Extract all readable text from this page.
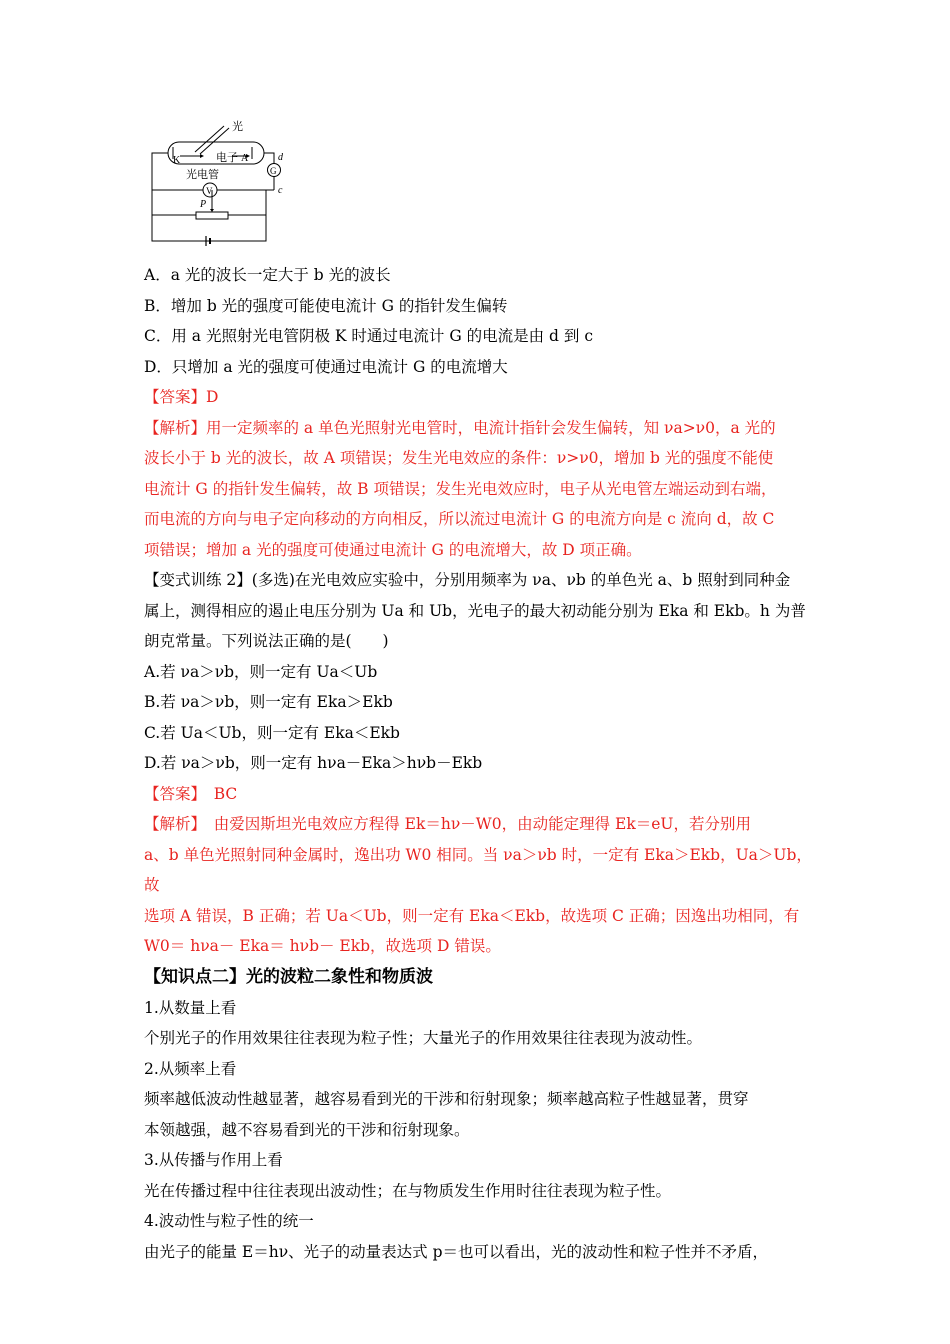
光
K	电子 A	d
G
光电管
V	c
P

A．a 光的波长一定大于 b 光的波长

B．增加 b 光的强度可能使电流计 G 的指针发生偏转

C．用 a 光照射光电管阴极 K 时通过电流计 G 的电流是由 d 到 c

D．只增加 a 光的强度可使通过电流计 G 的电流增大

【答案】D

【解析】用一定频率的 a 单色光照射光电管时，电流计指针会发生偏转，知 νa>ν0，a 光的

波长小于 b 光的波长，故 A 项错误；发生光电效应的条件：ν>ν0，增加 b 光的强度不能使

电流计 G 的指针发生偏转，故 B 项错误；发生光电效应时，电子从光电管左端运动到右端，

而电流的方向与电子定向移动的方向相反，所以流过电流计 G 的电流方向是 c 流向 d，故 C

项错误；增加 a 光的强度可使通过电流计 G 的电流增大，故 D 项正确。

【变式训练 2】(多选)在光电效应实验中，分别用频率为 νa、νb 的单色光 a、b 照射到同种金

属上，测得相应的遏止电压分别为 Ua 和 Ub，光电子的最大初动能分别为 Eka 和 Ekb。h 为普

朗克常量。下列说法正确的是(　　)

A.若 νa＞νb，则一定有 Ua＜Ub

B.若 νa＞νb，则一定有 Eka＞Ekb

C.若 Ua＜Ub，则一定有 Eka＜Ekb

D.若 νa＞νb，则一定有 hνa－Eka＞hνb－Ekb

【答案】　BC

【解析】　由爱因斯坦光电效应方程得 Ek＝hν－W0，由动能定理得 Ek＝eU，若分别用

a、b 单色光照射同种金属时，逸出功 W0 相同。当 νa＞νb 时，一定有 Eka＞Ekb，Ua＞Ub，故

选项 A 错误，B 正确；若 Ua＜Ub，则一定有 Eka＜Ekb，故选项 C 正确；因逸出功相同，有

W0＝ hνa－ Eka＝ hνb－ Ekb，故选项 D 错误。

【知识点二】光的波粒二象性和物质波

1.从数量上看

个别光子的作用效果往往表现为粒子性；大量光子的作用效果往往表现为波动性。

2.从频率上看

频率越低波动性越显著，越容易看到光的干涉和衍射现象；频率越高粒子性越显著，贯穿

本领越强，越不容易看到光的干涉和衍射现象。

3.从传播与作用上看

光在传播过程中往往表现出波动性；在与物质发生作用时往往表现为粒子性。

4.波动性与粒子性的统一

由光子的能量 E＝hν、光子的动量表达式 p＝也可以看出，光的波动性和粒子性并不矛盾，
